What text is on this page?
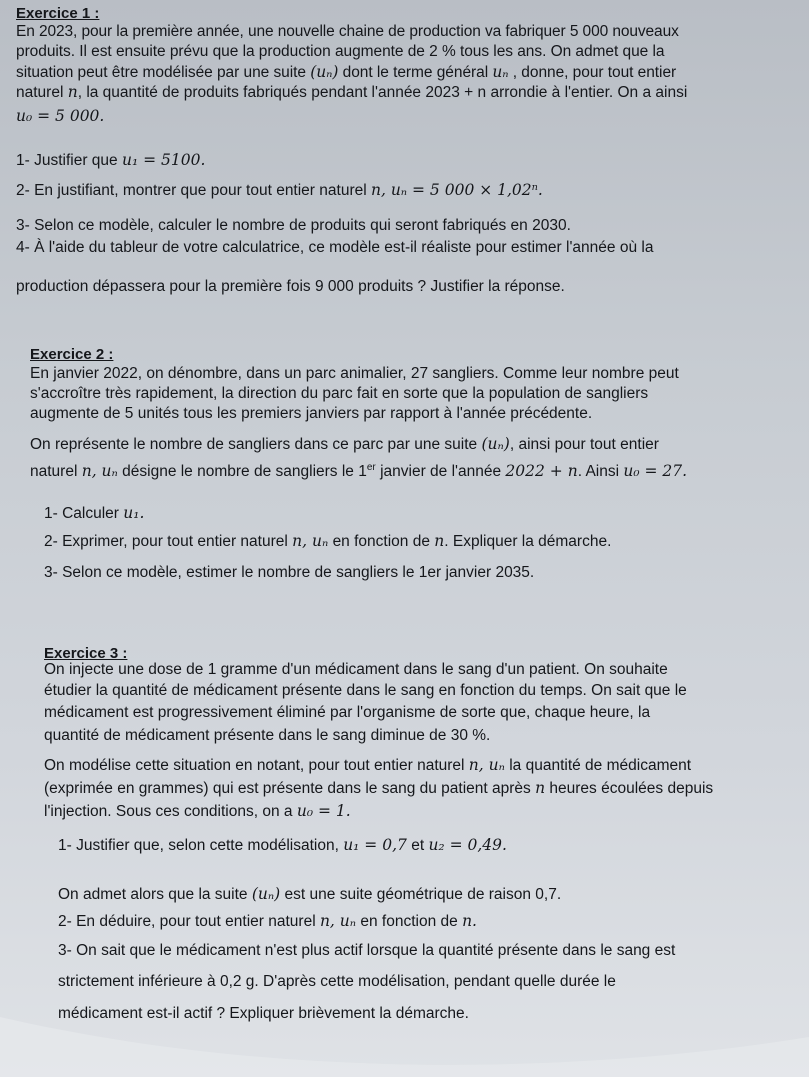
Exercice 1 :
En 2023, pour la première année, une nouvelle chaine de production va fabriquer 5 000 nouveaux
produits. Il est ensuite prévu que la production augmente de 2 % tous les ans. On admet que la
situation peut être modélisée par une suite (uₙ) dont le terme général uₙ , donne, pour tout entier
naturel n, la quantité de produits fabriqués pendant l'année 2023 + n arrondie à l'entier. On a ainsi
u₀ = 5 000.
1- Justifier que u₁ = 5100.
2- En justifiant, montrer que pour tout entier naturel n, uₙ = 5 000 × 1,02ⁿ.
3- Selon ce modèle, calculer le nombre de produits qui seront fabriqués en 2030.
4- À l'aide du tableur de votre calculatrice, ce modèle est-il réaliste pour estimer l'année où la
production dépassera pour la première fois 9 000 produits ? Justifier la réponse.
Exercice 2 :
En janvier 2022, on dénombre, dans un parc animalier, 27 sangliers. Comme leur nombre peut
s'accroître très rapidement, la direction du parc fait en sorte que la population de sangliers
augmente de 5 unités tous les premiers janviers par rapport à l'année précédente.
On représente le nombre de sangliers dans ce parc par une suite (uₙ), ainsi pour tout entier
naturel n, uₙ désigne le nombre de sangliers le 1er janvier de l'année 2022 + n. Ainsi u₀ = 27.
1- Calculer u₁.
2- Exprimer, pour tout entier naturel n, uₙ en fonction de n. Expliquer la démarche.
3- Selon ce modèle, estimer le nombre de sangliers le 1er janvier 2035.
Exercice 3 :
On injecte une dose de 1 gramme d'un médicament dans le sang d'un patient. On souhaite
étudier la quantité de médicament présente dans le sang en fonction du temps. On sait que le
médicament est progressivement éliminé par l'organisme de sorte que, chaque heure, la
quantité de médicament présente dans le sang diminue de 30 %.
On modélise cette situation en notant, pour tout entier naturel n, uₙ la quantité de médicament
(exprimée en grammes) qui est présente dans le sang du patient après n heures écoulées depuis
l'injection. Sous ces conditions, on a u₀ = 1.
1- Justifier que, selon cette modélisation, u₁ = 0,7 et u₂ = 0,49.
On admet alors que la suite (uₙ) est une suite géométrique de raison 0,7.
2- En déduire, pour tout entier naturel n, uₙ en fonction de n.
3- On sait que le médicament n'est plus actif lorsque la quantité présente dans le sang est
strictement inférieure à 0,2 g. D'après cette modélisation, pendant quelle durée le
médicament est-il actif ? Expliquer brièvement la démarche.
